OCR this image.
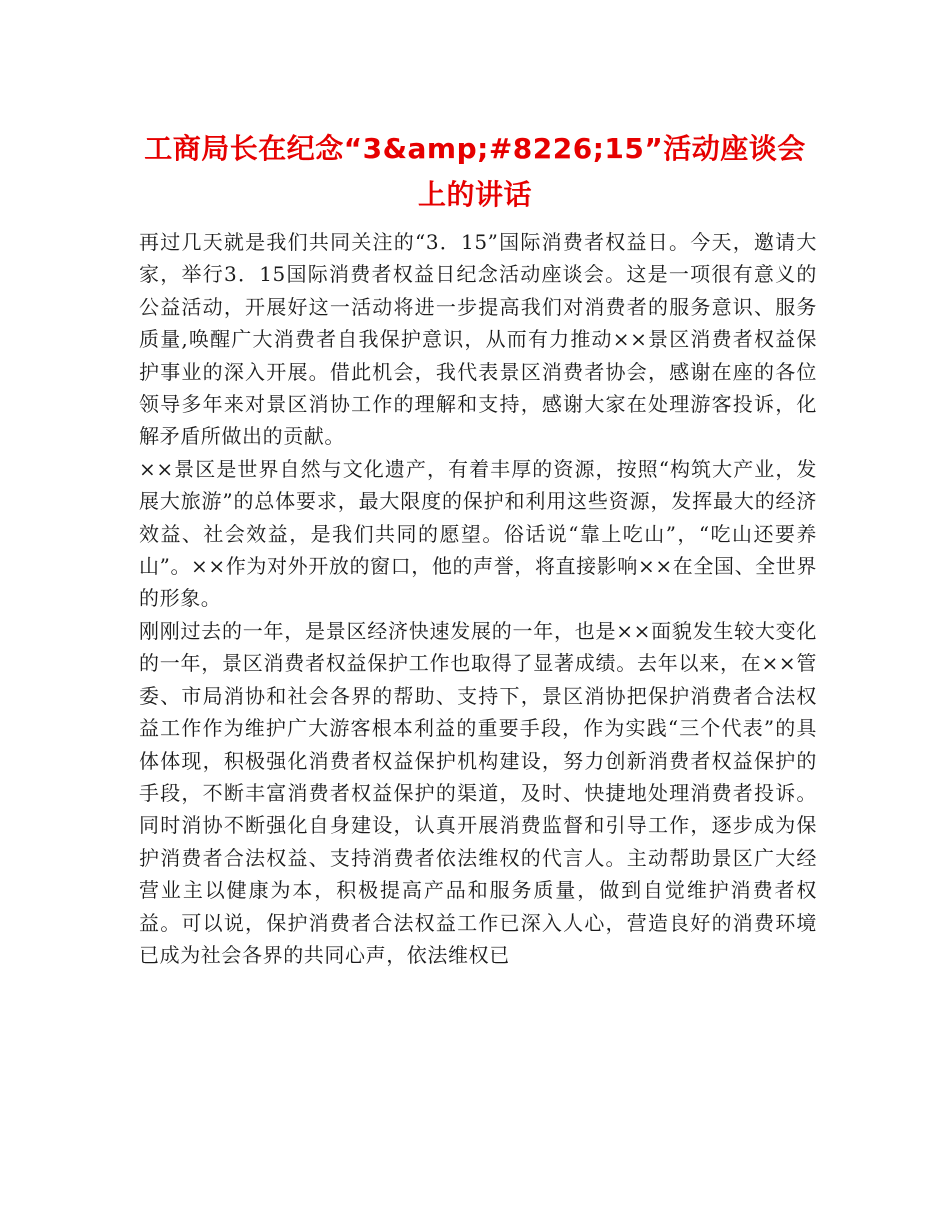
工商局长在纪念“3&amp;#8226;15”活动座谈会上的讲话

再过几天就是我们共同关注的“3．15”国际消费者权益日。今天，邀请大家，举行3．15国际消费者权益日纪念活动座谈会。这是一项很有意义的公益活动，开展好这一活动将进一步提高我们对消费者的服务意识、服务质量,唤醒广大消费者自我保护意识，从而有力推动××景区消费者权益保护事业的深入开展。借此机会，我代表景区消费者协会，感谢在座的各位领导多年来对景区消协工作的理解和支持，感谢大家在处理游客投诉，化解矛盾所做出的贡献。

××景区是世界自然与文化遗产，有着丰厚的资源，按照“构筑大产业，发展大旅游”的总体要求，最大限度的保护和利用这些资源，发挥最大的经济效益、社会效益，是我们共同的愿望。俗话说“靠上吃山”，“吃山还要养山”。××作为对外开放的窗口，他的声誉，将直接影响××在全国、全世界的形象。

刚刚过去的一年，是景区经济快速发展的一年，也是××面貌发生较大变化的一年，景区消费者权益保护工作也取得了显著成绩。去年以来，在××管委、市局消协和社会各界的帮助、支持下，景区消协把保护消费者合法权益工作作为维护广大游客根本利益的重要手段，作为实践“三个代表”的具体体现，积极强化消费者权益保护机构建设，努力创新消费者权益保护的手段，不断丰富消费者权益保护的渠道，及时、快捷地处理消费者投诉。同时消协不断强化自身建设，认真开展消费监督和引导工作，逐步成为保护消费者合法权益、支持消费者依法维权的代言人。主动帮助景区广大经营业主以健康为本，积极提高产品和服务质量，做到自觉维护消费者权益。可以说，保护消费者合法权益工作已深入人心，营造良好的消费环境已成为社会各界的共同心声，依法维权已
